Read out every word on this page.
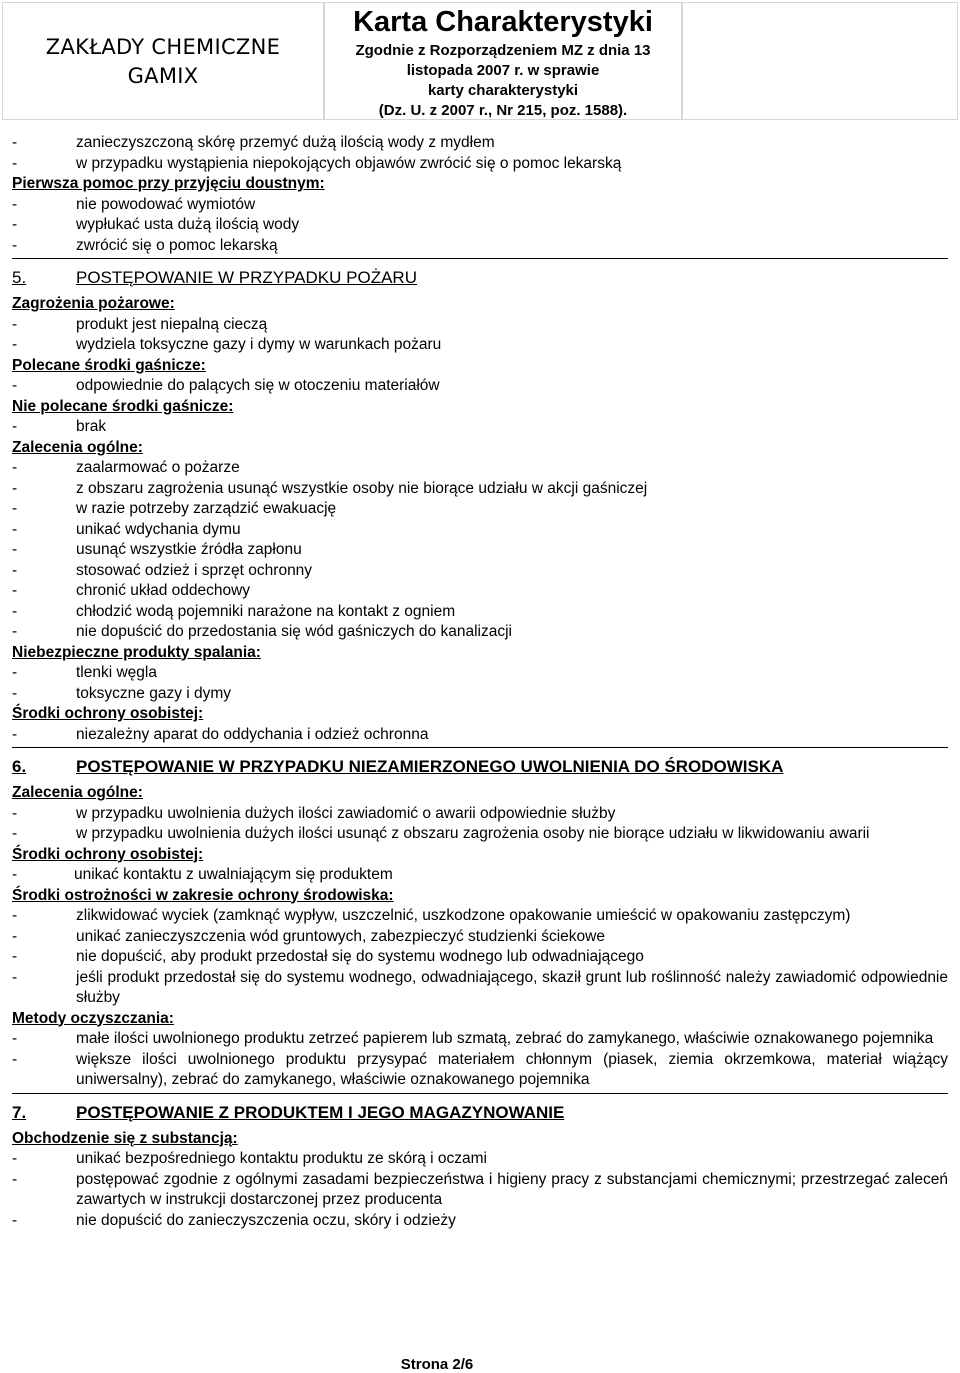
ZAKŁADY CHEMICZNE
GAMIX
Karta Charakterystyki
Zgodnie z Rozporządzeniem MZ z dnia 13
listopada 2007 r. w sprawie
karty charakterystyki
(Dz. U. z 2007 r., Nr 215, poz. 1588).
-	zanieczyszczoną skórę przemyć dużą ilością wody z mydłem
-	w przypadku wystąpienia niepokojących objawów zwrócić się o pomoc lekarską
Pierwsza pomoc przy przyjęciu doustnym:
-	nie powodować wymiotów
-	wypłukać usta dużą ilością wody
-	zwrócić się o pomoc lekarską
5.	POSTĘPOWANIE W PRZYPADKU POŻARU
Zagrożenia pożarowe:
-	produkt jest niepalną cieczą
-	wydziela toksyczne gazy i dymy w warunkach pożaru
Polecane środki gaśnicze:
-	odpowiednie do palących się w otoczeniu materiałów
Nie polecane środki gaśnicze:
-	brak
Zalecenia ogólne:
-	zaalarmować o pożarze
-	z obszaru zagrożenia usunąć wszystkie osoby nie biorące udziału w akcji gaśniczej
-	w razie potrzeby zarządzić ewakuację
-	unikać wdychania dymu
-	usunąć wszystkie źródła zapłonu
-	stosować odzież i sprzęt ochronny
-	chronić układ oddechowy
-	chłodzić wodą pojemniki narażone na kontakt z ogniem
-	nie dopuścić do przedostania się wód gaśniczych do kanalizacji
Niebezpieczne produkty spalania:
-	tlenki węgla
-	toksyczne gazy i dymy
Środki ochrony osobistej:
-	niezależny aparat do oddychania i odzież ochronna
6.	POSTĘPOWANIE W PRZYPADKU NIEZAMIERZONEGO UWOLNIENIA DO ŚRODOWISKA
Zalecenia ogólne:
-	w przypadku uwolnienia dużych ilości zawiadomić o awarii odpowiednie służby
-	w przypadku uwolnienia dużych ilości usunąć z obszaru zagrożenia osoby nie biorące udziału w likwidowaniu awarii
Środki ochrony osobistej:
-	unikać kontaktu z uwalniającym się produktem
Środki ostrożności w zakresie ochrony środowiska:
-	zlikwidować wyciek (zamknąć wypływ, uszczelnić, uszkodzone opakowanie umieścić w opakowaniu zastępczym)
-	unikać zanieczyszczenia wód gruntowych, zabezpieczyć studzienki ściekowe
-	nie dopuścić, aby produkt przedostał się do systemu wodnego lub odwadniającego
-	jeśli produkt przedostał się do systemu wodnego, odwadniającego, skaził grunt lub roślinność należy zawiadomić odpowiednie służby
Metody oczyszczania:
-	małe ilości uwolnionego produktu zetrzeć papierem lub szmatą, zebrać do zamykanego, właściwie oznakowanego pojemnika
-	większe ilości uwolnionego produktu przysypać materiałem chłonnym (piasek, ziemia okrzemkowa, materiał wiążący uniwersalny), zebrać do zamykanego, właściwie oznakowanego pojemnika
7.	POSTĘPOWANIE Z PRODUKTEM I JEGO MAGAZYNOWANIE
Obchodzenie się z substancją:
-	unikać bezpośredniego kontaktu produktu ze skórą i oczami
-	postępować zgodnie z ogólnymi zasadami bezpieczeństwa i higieny pracy z substancjami chemicznymi; przestrzegać zaleceń zawartych w instrukcji dostarczonej przez producenta
-	nie dopuścić do zanieczyszczenia oczu, skóry i odzieży
Strona 2/6
